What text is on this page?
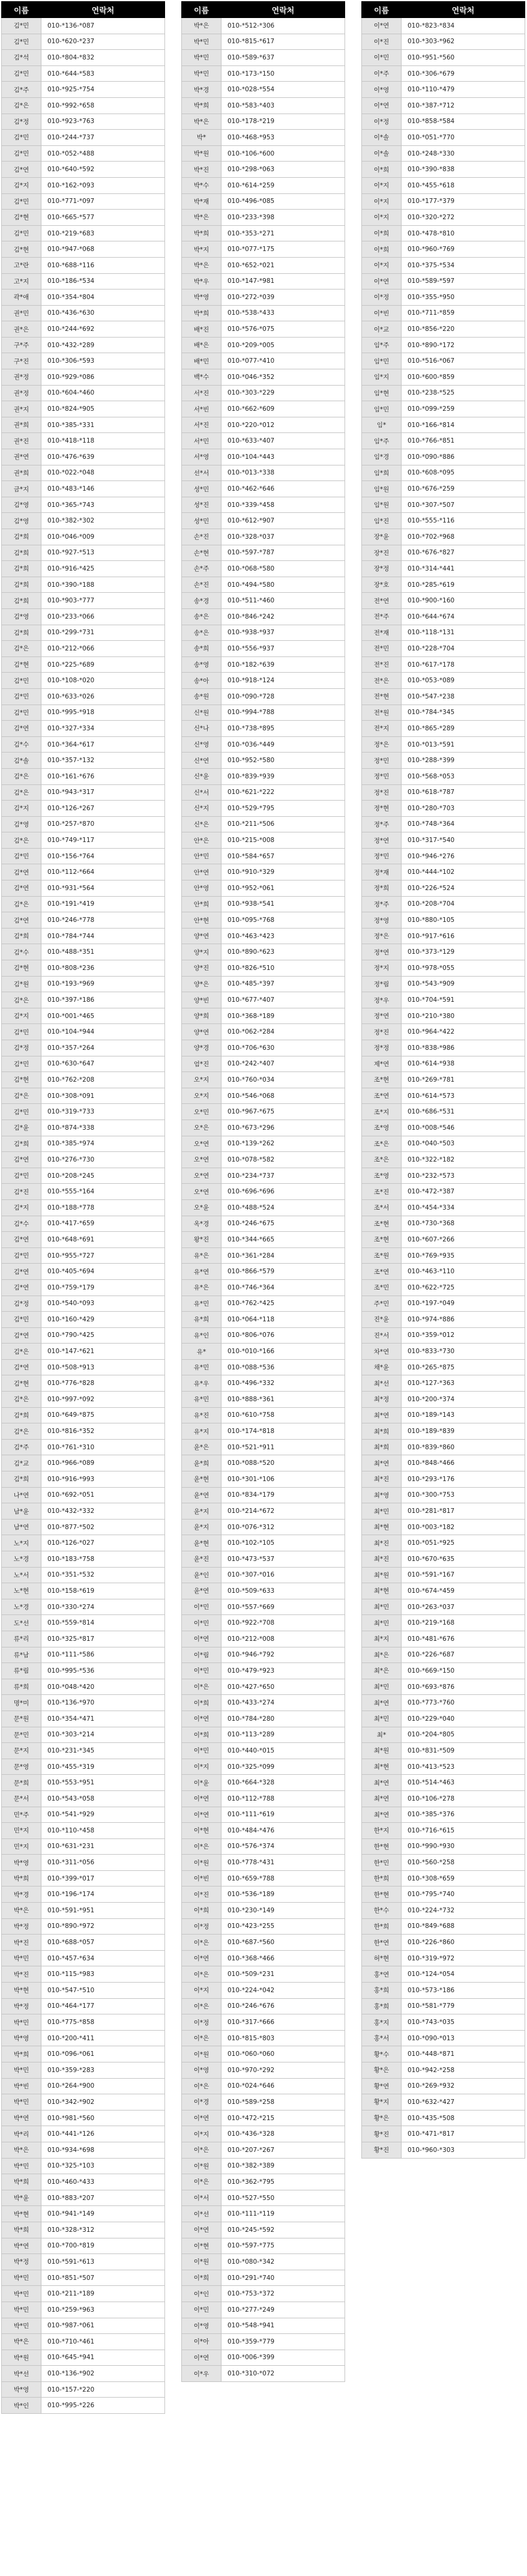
이름	연락처
김*민	010-*136-*087
김*민	010-*620-*237
김*석	010-*804-*832
김*민	010-*644-*583
김*주	010-*925-*754
김*은	010-*992-*658
김*정	010-*923-*763
김*민	010-*244-*737
김*민	010-*052-*488
김*연	010-*640-*592
김*지	010-*162-*093
김*민	010-*771-*097
김*현	010-*665-*577
김*민	010-*219-*683
김*현	010-*947-*068
고*란	010-*688-*116
고*지	010-*186-*534
곽*애	010-*354-*804
권*민	010-*436-*630
권*은	010-*244-*692
구*주	010-*432-*289
구*진	010-*306-*593
권*정	010-*929-*086
권*정	010-*604-*460
권*지	010-*824-*905
권*희	010-*385-*331
권*진	010-*418-*118
권*연	010-*476-*639
권*희	010-*022-*048
금*지	010-*483-*146
김*영	010-*365-*743
김*영	010-*382-*302
김*희	010-*046-*009
김*희	010-*927-*513
김*희	010-*916-*425
김*희	010-*390-*188
김*희	010-*903-*777
김*영	010-*233-*066
김*희	010-*299-*731
김*은	010-*212-*066
김*현	010-*225-*689
김*민	010-*108-*020
김*민	010-*633-*026
김*민	010-*995-*918
김*연	010-*327-*334
김*수	010-*364-*617
김*솔	010-*357-*132
김*은	010-*161-*676
김*은	010-*943-*317
김*지	010-*126-*267
김*영	010-*257-*870
김*은	010-*749-*117
김*민	010-*156-*764
김*연	010-*112-*664
김*연	010-*931-*564
김*은	010-*191-*419
김*연	010-*246-*778
김*희	010-*784-*744
김*수	010-*488-*351
김*현	010-*808-*236
김*원	010-*193-*969
김*은	010-*397-*186
김*지	010-*001-*465
김*민	010-*104-*944
김*정	010-*357-*264
김*민	010-*630-*647
김*현	010-*762-*208
김*은	010-*308-*091
김*민	010-*319-*733
김*윤	010-*874-*338
김*희	010-*385-*974
김*연	010-*276-*730
김*민	010-*208-*245
김*진	010-*555-*164
김*지	010-*188-*778
김*수	010-*417-*659
김*연	010-*648-*691
김*민	010-*955-*727
김*연	010-*405-*694
김*연	010-*759-*179
김*정	010-*540-*093
김*민	010-*160-*429
김*연	010-*790-*425
김*은	010-*147-*621
김*연	010-*508-*913
김*현	010-*776-*828
김*은	010-*997-*092
김*희	010-*649-*875
김*은	010-*816-*352
김*주	010-*761-*310
김*교	010-*966-*089
김*희	010-*916-*993
나*연	010-*692-*051
남*윤	010-*432-*332
남*연	010-*877-*502
노*지	010-*126-*027
노*경	010-*183-*758
노*서	010-*351-*532
노*현	010-*158-*619
노*경	010-*330-*274
도*선	010-*559-*814
류*리	010-*325-*817
류*남	010-*111-*586
류*림	010-*995-*536
류*희	010-*048-*420
명*미	010-*136-*970
문*원	010-*354-*471
문*민	010-*303-*214
문*지	010-*231-*345
문*영	010-*455-*319
문*희	010-*553-*951
문*서	010-*543-*058
민*주	010-*541-*929
민*지	010-*110-*458
민*지	010-*631-*231
박*영	010-*311-*056
박*희	010-*399-*017
박*경	010-*196-*174
박*은	010-*591-*951
박*정	010-*890-*972
박*진	010-*688-*057
박*민	010-*457-*634
박*진	010-*115-*983
박*현	010-*547-*510
박*정	010-*464-*177
박*민	010-*775-*858
박*영	010-*200-*411
박*희	010-*096-*061
박*민	010-*359-*283
박*빈	010-*264-*900
박*민	010-*342-*902
박*연	010-*981-*560
박*리	010-*441-*126
박*은	010-*934-*698
박*민	010-*325-*103
박*희	010-*460-*433
박*윤	010-*883-*207
박*현	010-*941-*149
박*희	010-*328-*312
박*연	010-*700-*819
박*정	010-*591-*613
박*민	010-*851-*507
박*민	010-*211-*189
박*민	010-*259-*963
박*민	010-*987-*061
박*은	010-*710-*461
박*원	010-*645-*941
박*선	010-*136-*902
박*영	010-*157-*220
박*인	010-*995-*226
이름	연락처
박*은	010-*512-*306
박*민	010-*815-*617
박*민	010-*589-*637
박*민	010-*173-*150
박*경	010-*028-*554
박*희	010-*583-*403
박*은	010-*178-*219
박*	010-*468-*953
박*원	010-*106-*600
박*진	010-*298-*063
박*수	010-*614-*259
박*재	010-*496-*085
박*은	010-*233-*398
박*희	010-*353-*271
박*지	010-*077-*175
박*은	010-*652-*021
박*우	010-*147-*981
박*영	010-*272-*039
박*희	010-*538-*433
배*진	010-*576-*075
배*은	010-*209-*005
배*민	010-*077-*410
백*수	010-*046-*352
서*진	010-*303-*229
서*빈	010-*662-*609
서*진	010-*220-*012
서*민	010-*633-*407
서*영	010-*104-*443
선*서	010-*013-*338
성*민	010-*462-*646
성*진	010-*339-*458
성*민	010-*612-*907
손*진	010-*328-*037
손*현	010-*597-*787
손*주	010-*068-*580
손*진	010-*494-*580
송*경	010-*511-*460
송*은	010-*846-*242
송*은	010-*938-*937
송*희	010-*556-*937
송*영	010-*182-*639
송*아	010-*918-*124
송*원	010-*090-*728
신*원	010-*994-*788
신*나	010-*738-*895
신*영	010-*036-*449
신*연	010-*952-*580
신*윤	010-*839-*939
신*서	010-*621-*222
신*지	010-*529-*795
신*은	010-*211-*506
안*은	010-*215-*008
안*민	010-*584-*657
안*연	010-*910-*329
안*영	010-*952-*061
안*희	010-*938-*541
안*현	010-*095-*768
양*연	010-*463-*423
양*지	010-*890-*623
양*진	010-*826-*510
양*은	010-*485-*397
양*빈	010-*677-*407
양*희	010-*368-*189
양*연	010-*062-*284
양*경	010-*706-*630
엄*진	010-*242-*407
오*지	010-*760-*034
오*지	010-*546-*068
오*민	010-*967-*675
오*은	010-*673-*296
오*연	010-*139-*262
오*연	010-*078-*582
오*연	010-*234-*737
오*연	010-*696-*696
오*윤	010-*488-*524
옥*경	010-*246-*675
왕*진	010-*344-*665
유*은	010-*361-*284
유*연	010-*866-*579
유*은	010-*746-*364
유*민	010-*762-*425
유*희	010-*064-*118
유*인	010-*806-*076
유*	010-*010-*166
유*민	010-*088-*536
유*우	010-*496-*332
유*민	010-*888-*361
유*진	010-*610-*758
유*지	010-*174-*818
윤*은	010-*521-*911
윤*희	010-*088-*520
윤*현	010-*301-*106
윤*연	010-*834-*179
윤*지	010-*214-*672
윤*지	010-*076-*312
윤*현	010-*102-*105
윤*진	010-*473-*537
윤*인	010-*307-*016
윤*연	010-*509-*633
이*민	010-*557-*669
이*민	010-*922-*708
이*연	010-*212-*008
이*림	010-*946-*792
이*민	010-*479-*923
이*은	010-*427-*650
이*희	010-*433-*274
이*연	010-*784-*280
이*희	010-*113-*289
이*민	010-*440-*015
이*지	010-*325-*099
이*윤	010-*664-*328
이*연	010-*112-*788
이*연	010-*111-*619
이*현	010-*484-*476
이*은	010-*576-*374
이*원	010-*778-*431
이*빈	010-*659-*788
이*진	010-*536-*189
이*희	010-*230-*149
이*정	010-*423-*255
이*은	010-*687-*560
이*연	010-*368-*466
이*은	010-*509-*231
이*지	010-*224-*042
이*은	010-*246-*676
이*정	010-*317-*666
이*은	010-*815-*803
이*원	010-*060-*060
이*영	010-*970-*292
이*은	010-*024-*646
이*경	010-*589-*258
이*연	010-*472-*215
이*지	010-*436-*328
이*은	010-*207-*267
이*원	010-*382-*389
이*은	010-*362-*795
이*서	010-*527-*550
이*선	010-*111-*119
이*연	010-*245-*592
이*현	010-*597-*775
이*원	010-*080-*342
이*희	010-*291-*740
이*인	010-*753-*372
이*민	010-*277-*249
이*영	010-*548-*941
이*아	010-*359-*779
이*연	010-*006-*399
이*우	010-*310-*072
이름	연락처
이*연	010-*823-*834
이*진	010-*303-*962
이*민	010-*951-*560
이*주	010-*306-*679
이*영	010-*110-*479
이*연	010-*387-*712
이*정	010-*858-*584
이*솔	010-*051-*770
이*솔	010-*248-*330
이*희	010-*390-*838
이*지	010-*455-*618
이*지	010-*177-*379
이*지	010-*320-*272
이*희	010-*478-*810
이*희	010-*960-*769
이*지	010-*375-*534
이*연	010-*589-*597
이*정	010-*355-*950
이*빈	010-*711-*859
이*교	010-*856-*220
임*주	010-*890-*172
임*민	010-*516-*067
임*지	010-*600-*859
임*현	010-*238-*525
임*민	010-*099-*259
임*	010-*166-*814
임*주	010-*766-*851
임*경	010-*090-*886
임*희	010-*608-*095
임*원	010-*676-*259
임*원	010-*307-*507
임*진	010-*555-*116
장*윤	010-*702-*968
장*진	010-*676-*827
장*정	010-*314-*441
장*호	010-*285-*619
전*연	010-*900-*160
전*주	010-*644-*674
전*재	010-*118-*131
전*민	010-*228-*704
전*진	010-*617-*178
전*은	010-*053-*089
전*현	010-*547-*238
전*원	010-*784-*345
전*지	010-*865-*289
정*은	010-*013-*591
정*민	010-*288-*399
정*민	010-*568-*053
정*진	010-*618-*787
정*현	010-*280-*703
정*주	010-*748-*364
정*연	010-*317-*540
정*민	010-*946-*276
정*재	010-*444-*102
정*희	010-*226-*524
정*주	010-*208-*704
정*영	010-*880-*105
정*은	010-*917-*616
정*연	010-*373-*129
정*지	010-*978-*055
정*림	010-*543-*909
정*우	010-*704-*591
정*연	010-*210-*380
정*진	010-*964-*422
정*정	010-*838-*986
제*연	010-*614-*938
조*현	010-*269-*781
조*연	010-*614-*573
조*지	010-*686-*531
조*영	010-*008-*546
조*은	010-*040-*503
조*은	010-*322-*182
조*영	010-*232-*573
조*진	010-*472-*387
조*서	010-*454-*334
조*현	010-*730-*368
조*현	010-*607-*266
조*원	010-*769-*935
조*연	010-*463-*110
조*민	010-*622-*725
주*민	010-*197-*049
진*윤	010-*974-*886
진*서	010-*359-*012
차*연	010-*833-*730
채*윤	010-*265-*875
최*선	010-*127-*363
최*정	010-*200-*374
최*연	010-*189-*143
최*희	010-*189-*839
최*희	010-*839-*860
최*연	010-*848-*466
최*진	010-*293-*176
최*영	010-*300-*753
최*민	010-*281-*817
최*현	010-*003-*182
최*진	010-*051-*925
최*진	010-*670-*635
최*원	010-*591-*167
최*현	010-*674-*459
최*민	010-*263-*037
최*민	010-*219-*168
최*지	010-*481-*676
최*은	010-*226-*687
최*은	010-*669-*150
최*민	010-*693-*876
최*연	010-*773-*760
최*민	010-*229-*040
최*	010-*204-*805
최*원	010-*831-*509
최*현	010-*413-*523
최*연	010-*514-*463
최*연	010-*106-*278
최*연	010-*385-*376
한*지	010-*716-*615
한*현	010-*990-*930
한*민	010-*560-*258
한*희	010-*308-*659
한*현	010-*795-*740
한*수	010-*224-*732
한*희	010-*849-*688
한*연	010-*226-*860
허*현	010-*319-*972
홍*연	010-*124-*054
홍*희	010-*573-*186
홍*희	010-*581-*779
홍*지	010-*743-*035
홍*서	010-*090-*013
황*수	010-*448-*871
황*은	010-*942-*258
황*연	010-*269-*932
황*지	010-*632-*427
황*은	010-*435-*508
황*진	010-*471-*817
황*진	010-*960-*303
